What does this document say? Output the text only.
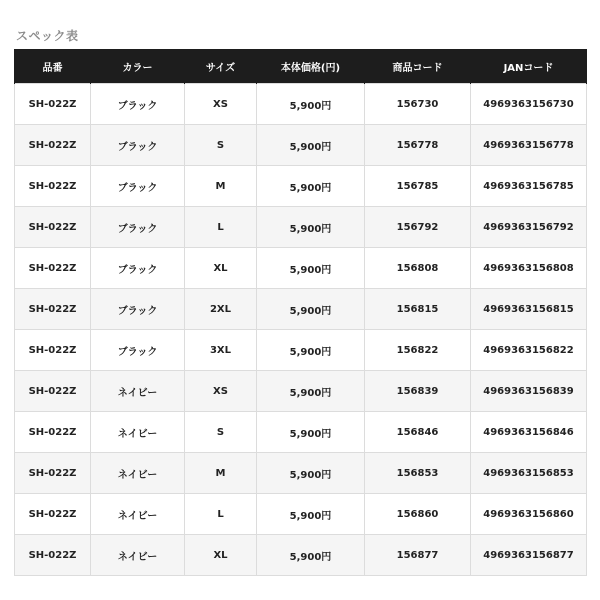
スペック表
品番	カラー	サイズ	本体価格(円)	商品コード	JANコード
SH-022Z	ブラック	XS	5,900円	156730	4969363156730
SH-022Z	ブラック	S	5,900円	156778	4969363156778
SH-022Z	ブラック	M	5,900円	156785	4969363156785
SH-022Z	ブラック	L	5,900円	156792	4969363156792
SH-022Z	ブラック	XL	5,900円	156808	4969363156808
SH-022Z	ブラック	2XL	5,900円	156815	4969363156815
SH-022Z	ブラック	3XL	5,900円	156822	4969363156822
SH-022Z	ネイビー	XS	5,900円	156839	4969363156839
SH-022Z	ネイビー	S	5,900円	156846	4969363156846
SH-022Z	ネイビー	M	5,900円	156853	4969363156853
SH-022Z	ネイビー	L	5,900円	156860	4969363156860
SH-022Z	ネイビー	XL	5,900円	156877	4969363156877
